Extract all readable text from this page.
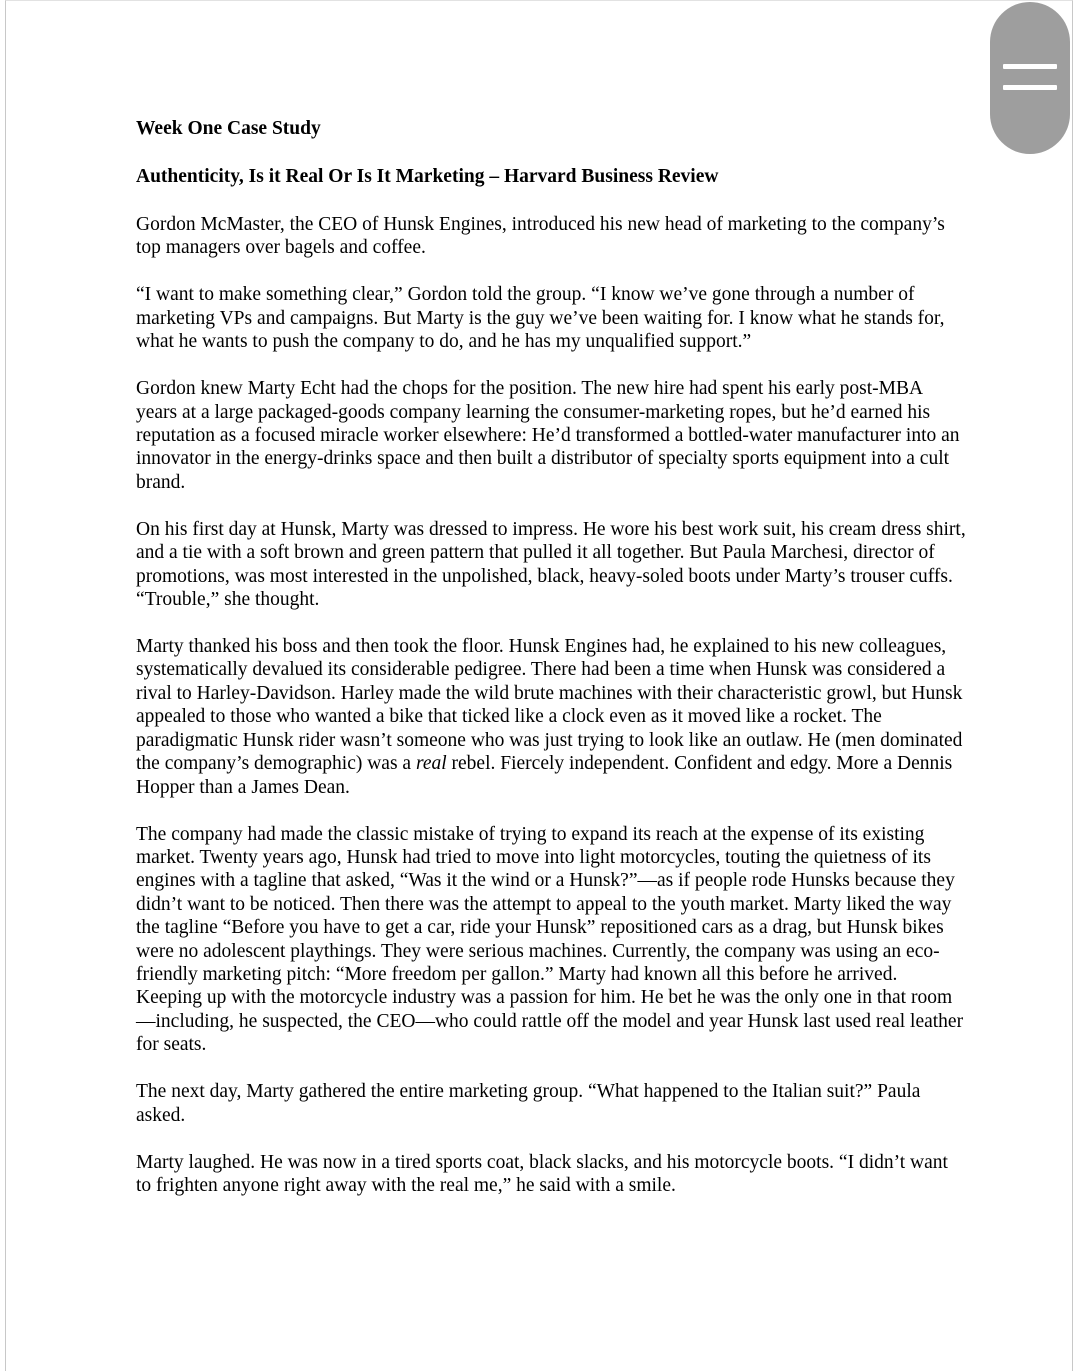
Week One Case Study
Authenticity, Is it Real Or Is It Marketing – Harvard Business Review

Gordon McMaster, the CEO of Hunsk Engines, introduced his new head of marketing to the company’s top managers over bagels and coffee.

“I want to make something clear,” Gordon told the group. “I know we’ve gone through a number of marketing VPs and campaigns. But Marty is the guy we’ve been waiting for. I know what he stands for, what he wants to push the company to do, and he has my unqualified support.”

Gordon knew Marty Echt had the chops for the position. The new hire had spent his early post-MBA years at a large packaged-goods company learning the consumer-marketing ropes, but he’d earned his reputation as a focused miracle worker elsewhere: He’d transformed a bottled-water manufacturer into an innovator in the energy-drinks space and then built a distributor of specialty sports equipment into a cult brand.

On his first day at Hunsk, Marty was dressed to impress. He wore his best work suit, his cream dress shirt, and a tie with a soft brown and green pattern that pulled it all together. But Paula Marchesi, director of promotions, was most interested in the unpolished, black, heavy-soled boots under Marty’s trouser cuffs. “Trouble,” she thought.

Marty thanked his boss and then took the floor. Hunsk Engines had, he explained to his new colleagues, systematically devalued its considerable pedigree. There had been a time when Hunsk was considered a rival to Harley-Davidson. Harley made the wild brute machines with their characteristic growl, but Hunsk appealed to those who wanted a bike that ticked like a clock even as it moved like a rocket. The paradigmatic Hunsk rider wasn’t someone who was just trying to look like an outlaw. He (men dominated the company’s demographic) was a real rebel. Fiercely independent. Confident and edgy. More a Dennis Hopper than a James Dean.

The company had made the classic mistake of trying to expand its reach at the expense of its existing market. Twenty years ago, Hunsk had tried to move into light motorcycles, touting the quietness of its engines with a tagline that asked, “Was it the wind or a Hunsk?”—as if people rode Hunsks because they didn’t want to be noticed. Then there was the attempt to appeal to the youth market. Marty liked the way the tagline “Before you have to get a car, ride your Hunsk” repositioned cars as a drag, but Hunsk bikes were no adolescent playthings. They were serious machines. Currently, the company was using an eco-friendly marketing pitch: “More freedom per gallon.” Marty had known all this before he arrived. Keeping up with the motorcycle industry was a passion for him. He bet he was the only one in that room—including, he suspected, the CEO—who could rattle off the model and year Hunsk last used real leather for seats.

The next day, Marty gathered the entire marketing group. “What happened to the Italian suit?” Paula asked.

Marty laughed. He was now in a tired sports coat, black slacks, and his motorcycle boots. “I didn’t want to frighten anyone right away with the real me,” he said with a smile.
